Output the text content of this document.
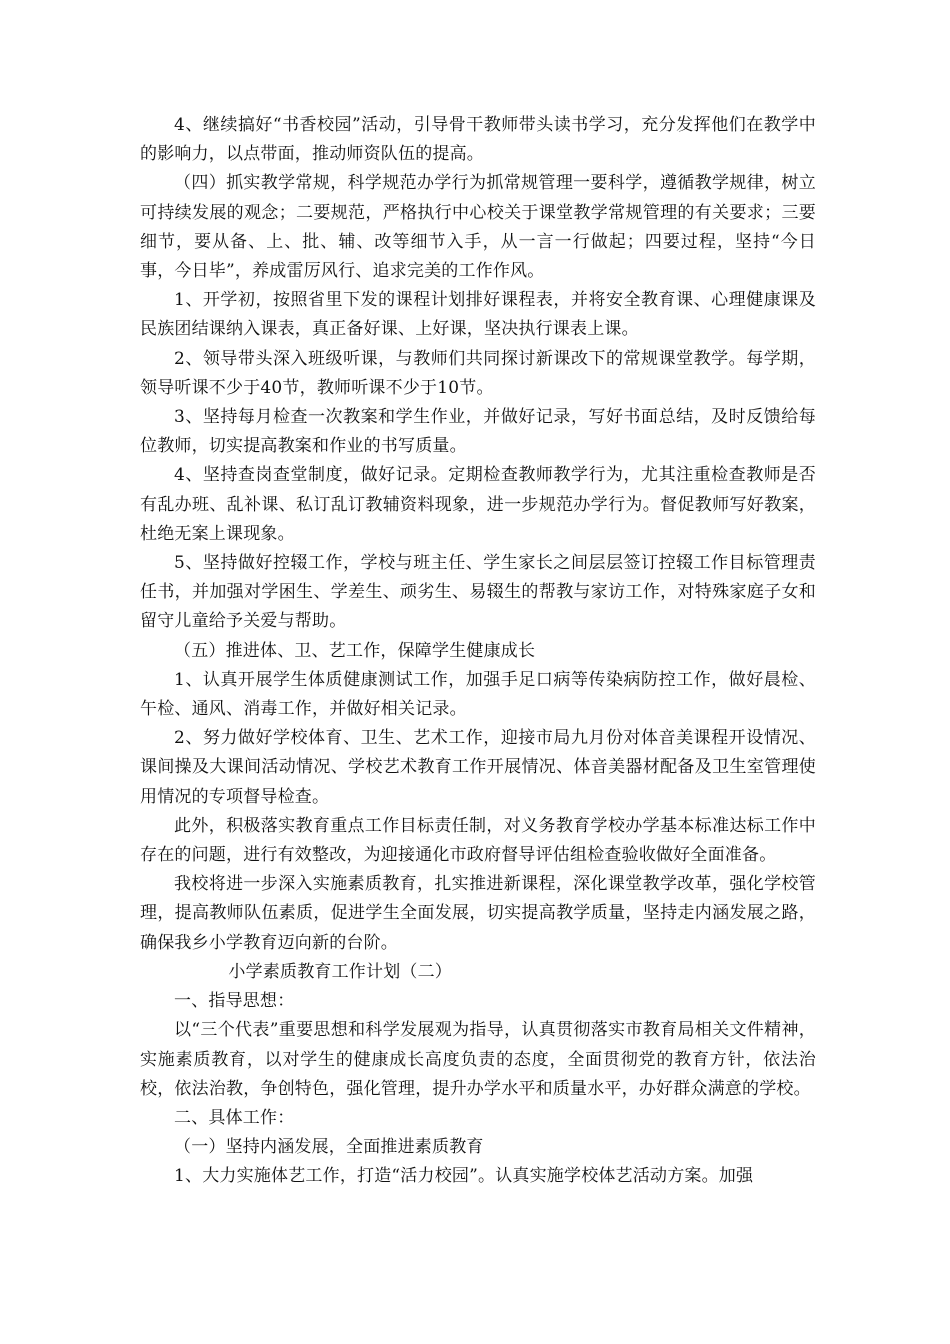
4、继续搞好“书香校园”活动，引导骨干教师带头读书学习，充分发挥他们在教学中的影响力，以点带面，推动师资队伍的提高。

（四）抓实教学常规，科学规范办学行为抓常规管理一要科学，遵循教学规律，树立可持续发展的观念；二要规范，严格执行中心校关于课堂教学常规管理的有关要求；三要细节，要从备、上、批、辅、改等细节入手，从一言一行做起；四要过程，坚持“今日事，今日毕”，养成雷厉风行、追求完美的工作作风。

1、开学初，按照省里下发的课程计划排好课程表，并将安全教育课、心理健康课及民族团结课纳入课表，真正备好课、上好课，坚决执行课表上课。

2、领导带头深入班级听课，与教师们共同探讨新课改下的常规课堂教学。每学期，领导听课不少于40节，教师听课不少于10节。

3、坚持每月检查一次教案和学生作业，并做好记录，写好书面总结，及时反馈给每位教师，切实提高教案和作业的书写质量。

4、坚持查岗查堂制度，做好记录。定期检查教师教学行为，尤其注重检查教师是否有乱办班、乱补课、私订乱订教辅资料现象，进一步规范办学行为。督促教师写好教案，杜绝无案上课现象。

5、坚持做好控辍工作，学校与班主任、学生家长之间层层签订控辍工作目标管理责任书，并加强对学困生、学差生、顽劣生、易辍生的帮教与家访工作，对特殊家庭子女和留守儿童给予关爱与帮助。

（五）推进体、卫、艺工作，保障学生健康成长

1、认真开展学生体质健康测试工作，加强手足口病等传染病防控工作，做好晨检、午检、通风、消毒工作，并做好相关记录。

2、努力做好学校体育、卫生、艺术工作，迎接市局九月份对体音美课程开设情况、课间操及大课间活动情况、学校艺术教育工作开展情况、体音美器材配备及卫生室管理使用情况的专项督导检查。

此外，积极落实教育重点工作目标责任制，对义务教育学校办学基本标准达标工作中存在的问题，进行有效整改，为迎接通化市政府督导评估组检查验收做好全面准备。

我校将进一步深入实施素质教育，扎实推进新课程，深化课堂教学改革，强化学校管理，提高教师队伍素质，促进学生全面发展，切实提高教学质量，坚持走内涵发展之路，确保我乡小学教育迈向新的台阶。

小学素质教育工作计划（二）

一、指导思想：

以“三个代表”重要思想和科学发展观为指导，认真贯彻落实市教育局相关文件精神，实施素质教育，以对学生的健康成长高度负责的态度，全面贯彻党的教育方针，依法治校，依法治教，争创特色，强化管理，提升办学水平和质量水平，办好群众满意的学校。

二、具体工作：

（一）坚持内涵发展，全面推进素质教育

1、大力实施体艺工作，打造“活力校园”。认真实施学校体艺活动方案。加强
